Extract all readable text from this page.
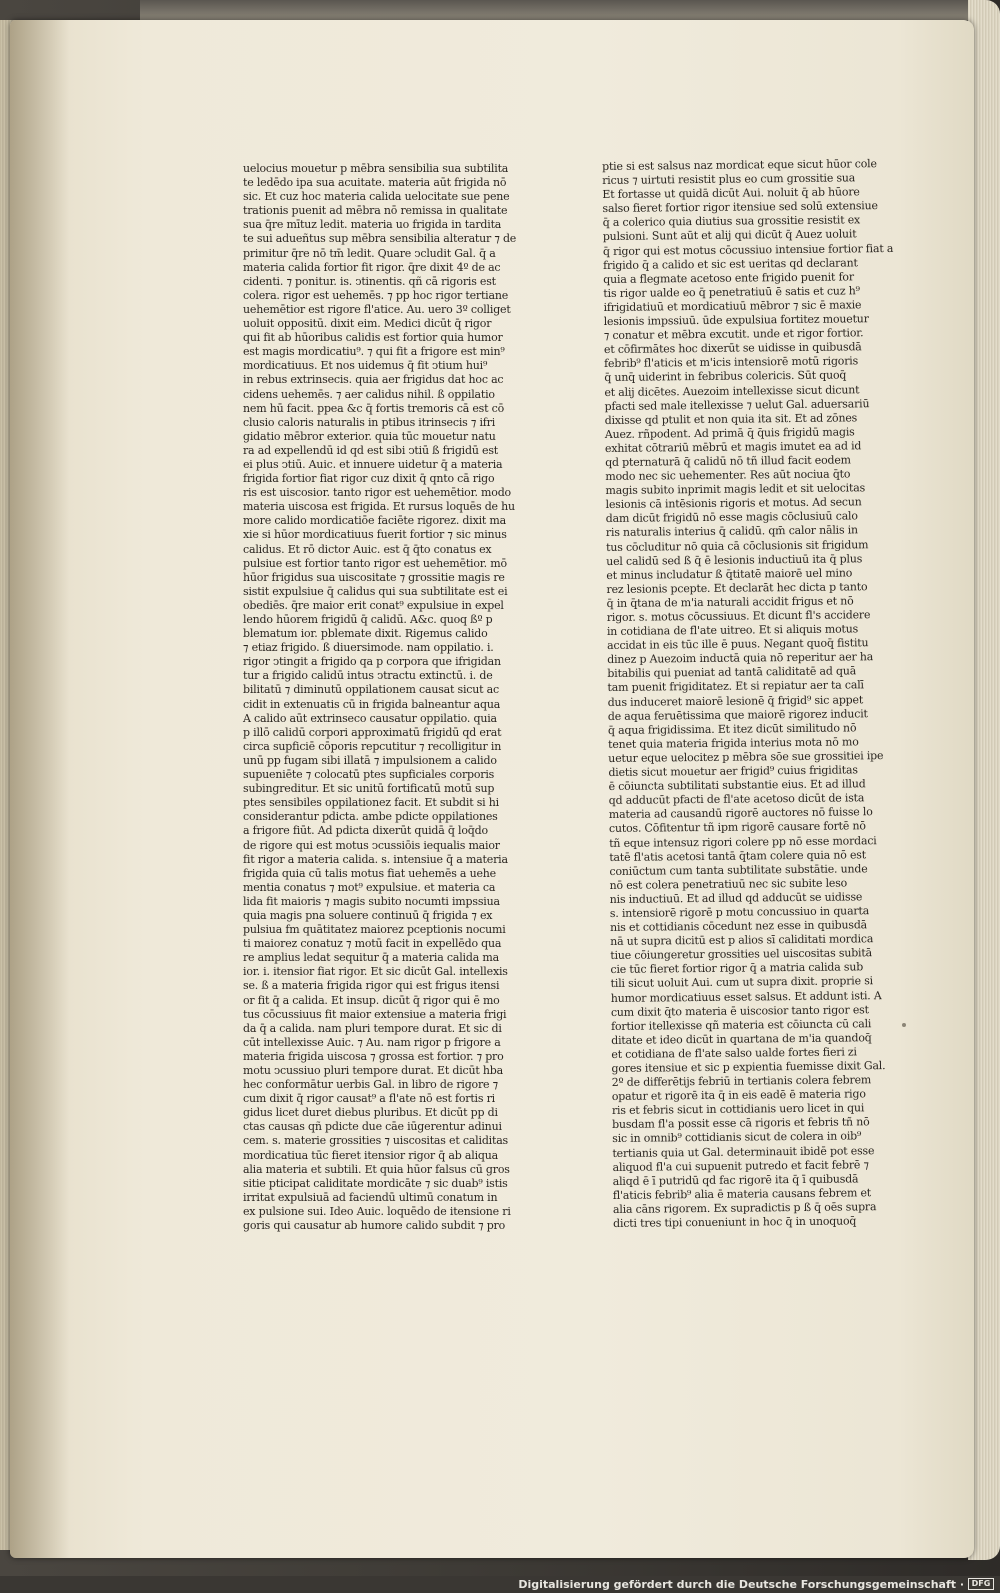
uelocius mouetur p mēbra sensibilia sua subtilita
te ledēdo ipa sua acuitate. materia aūt frigida nō
sic. Et cuz hoc materia calida uelocitate sue pene
trationis puenit ad mēbra nō remissa in qualitate
sua q̄re mītuz ledit. materia uo frigida in tardita
te sui adueñtus sup mēbra sensibilia alteratur ⁊ de
primitur q̄re nō tm̄ ledit. Quare ↄcludit Gal. q̄ a
materia calida fortior fit rigor. q̄re dixit 4º de ac
cidenti. ⁊ ponitur. is. ↄtinentis. qñ cā rigoris est
colera. rigor est uehemēs. ⁊ pp hoc rigor tertiane
uehemētior est rigore fl'atice. Au. uero 3º colliget
uoluit oppositū. dixit eim. Medici dicūt q̄ rigor
qui fit ab hūoribus calidis est fortior quia humor
est magis mordicatiu⁹. ⁊ qui fit a frigore est min⁹
mordicatiuus. Et nos uidemus q̄ fit ↄtium hui⁹
in rebus extrinsecis. quia aer frigidus dat hoc ac
cidens uehemēs. ⁊ aer calidus nihil. ß oppilatio
nem hū facit. ppea &c q̄ fortis tremoris cā est cō
clusio caloris naturalis in ptibus itrinsecis ⁊ ifri
gidatio mēbror exterior. quia tūc mouetur natu
ra ad expellendū id qd est sibi ↄtiū ß frigidū est
ei plus ↄtiū. Auic. et innuere uidetur q̄ a materia
frigida fortior fiat rigor cuz dixit q̄ qnto cā rigo
ris est uiscosior. tanto rigor est uehemētior. modo
materia uiscosa est frigida. Et rursus loquēs de hu
more calido mordicatiōe faciēte rigorez. dixit ma
xie si hūor mordicatiuus fuerit fortior ⁊ sic minus
calidus. Et rō dictor Auic. est q̄ q̄to conatus ex
pulsiue est fortior tanto rigor est uehemētior. mō
hūor frigidus sua uiscositate ⁊ grossitie magis re
sistit expulsiue q̄ calidus qui sua subtilitate est ei
obediēs. q̄re maior erit conat⁹ expulsiue in expel
lendo hūorem frigidū q̄ calidū. A&c. quoq ßº p
blematum ior. pblemate dixit. Rigemus calido
⁊ etiaz frigido. ß diuersimode. nam oppilatio. i.
rigor ↄtingit a frigido qa p corpora que ifrigidan
tur a frigido calidū intus ↄtractu extinctū. i. de
bilitatū ⁊ diminutū oppilationem causat sicut ac
cidit in extenuatis cū in frigida balneantur aqua
A calido aūt extrinseco causatur oppilatio. quia
p illō calidū corpori approximatū frigidū qd erat
circa supficiē cōporis repcutitur ⁊ recolligitur in
unū pp fugam sibi illatā ⁊ impulsionem a calido
supueniēte ⁊ colocatū ptes supficiales corporis
subingreditur. Et sic unitū fortificatū motū sup
ptes sensibiles oppilationez facit. Et subdit si hi
considerantur pdicta. ambe pdicte oppilationes
a frigore fiūt. Ad pdicta dixerūt quidā q̄ loq̄do
de rigore qui est motus ↄcussiōis iequalis maior
fit rigor a materia calida. s. intensiue q̄ a materia
frigida quia cū talis motus fiat uehemēs a uehe
mentia conatus ⁊ mot⁹ expulsiue. et materia ca
lida fit maioris ⁊ magis subito nocumti impssiua
quia magis pna soluere continuū q̄ frigida ⁊ ex
pulsiua fm quātitatez maiorez pceptionis nocumi
ti maiorez conatuz ⁊ motū facit in expellēdo qua
re amplius ledat sequitur q̄ a materia calida ma
ior. i. itensior fiat rigor. Et sic dicūt Gal. intellexis
se. ß a materia frigida rigor qui est frigus itensi
or fit q̄ a calida. Et insup. dicūt q̄ rigor qui ē mo
tus cōcussiuus fit maior extensiue a materia frigi
da q̄ a calida. nam pluri tempore durat. Et sic di
cūt intellexisse Auic. ⁊ Au. nam rigor p frigore a
materia frigida uiscosa ⁊ grossa est fortior. ⁊ pro
motu ↄcussiuo pluri tempore durat. Et dicūt hba
hec conformātur uerbis Gal. in libro de rigore ⁊
cum dixit q̄ rigor causat⁹ a fl'ate nō est fortis ri
gidus licet duret diebus pluribus. Et dicūt pp di
ctas causas qñ pdicte due cāe iūgerentur adinui
cem. s. materie grossities ⁊ uiscositas et caliditas
mordicatiua tūc fieret itensior rigor q̄ ab aliqua
alia materia et subtili. Et quia hūor falsus cū gros
sitie pticipat caliditate mordicāte ⁊ sic duab⁹ istis
irritat expulsiuā ad faciendū ultimū conatum in
ex pulsione sui. Ideo Auic. loquēdo de itensione ri
goris qui causatur ab humore calido subdit ⁊ pro
ptie si est salsus naz mordicat eque sicut hūor cole
ricus ⁊ uirtuti resistit plus eo cum grossitie sua
Et fortasse ut quidā dicūt Aui. noluit q̄ ab hūore
salso fieret fortior rigor itensiue sed solū extensiue
q̄ a colerico quia diutius sua grossitie resistit ex
pulsioni. Sunt aūt et alij qui dicūt q̄ Auez uoluit
q̄ rigor qui est motus cōcussiuo intensiue fortior fiat a
frigido q̄ a calido et sic est ueritas qd declarant
quia a flegmate acetoso ente frigido puenit for
tis rigor ualde eo q̄ penetratiuū ē satis et cuz h⁹
ifrigidatiuū et mordicatiuū mēbror ⁊ sic ē maxie
lesionis impssiuū. ūde expulsiua fortitez mouetur
⁊ conatur et mēbra excutit. unde et rigor fortior.
et cōfirmātes hoc dixerūt se uidisse in quibusdā
febrib⁹ fl'aticis et m'icis intensiorē motū rigoris
q̄ unq̄ uiderint in febribus colericis. Sūt quoq̄
et alij dicētes. Auezoim intellexisse sicut dicunt
pfacti sed male itellexisse ⁊ uelut Gal. aduersariū
dixisse qd ptulit et non quia ita sit. Et ad zōnes
Auez. rñpodent. Ad primā q̄ q̄uis frigidū magis
exhitat cōtrariū mēbrū et magis imutet ea ad id
qd pternaturā q̄ calidū nō tñ illud facit eodem
modo nec sic uehementer. Res aūt nociua q̄to
magis subito inprimit magis ledit et sit uelocitas
lesionis cā intēsionis rigoris et motus. Ad secun
dam dicūt frigidū nō esse magis cōclusiuū calo
ris naturalis interius q̄ calidū. qm̄ calor nālis in
tus cōcluditur nō quia cā cōclusionis sit frigidum
uel calidū sed ß q̄ ē lesionis inductiuū ita q̄ plus
et minus includatur ß q̄titatē maiorē uel mino
rez lesionis pcepte. Et declarāt hec dicta p tanto
q̄ in q̄tana de m'ia naturali accidit frigus et nō
rigor. s. motus cōcussiuus. Et dicunt fl's accidere
in cotidiana de fl'ate uitreo. Et si aliquis motus
accidat in eis tūc ille ē puus. Negant quoq̄ fistitu
dinez p Auezoim inductā quia nō reperitur aer ha
bitabilis qui pueniat ad tantā caliditatē ad quā
tam puenit frigiditatez. Et si repiatur aer ta calī
dus induceret maiorē lesionē q̄ frigid⁹ sic appet
de aqua feruētissima que maiorē rigorez inducit
q̄ aqua frigidissima. Et itez dicūt similitudo nō
tenet quia materia frigida interius mota nō mo
uetur eque uelocitez p mēbra sōe sue grossitiei ipe
dietis sicut mouetur aer frigid⁹ cuius frigiditas
ē cōiuncta subtilitati substantie eius. Et ad illud
qd adducūt pfacti de fl'ate acetoso dicūt de ista
materia ad causandū rigorē auctores nō fuisse lo
cutos. Cōfitentur tñ ipm rigorē causare fortē nō
tñ eque intensuz rigori colere pp nō esse mordaci
tatē fl'atis acetosi tantā q̄tam colere quia nō est
coniūctum cum tanta subtilitate substātie. unde
nō est colera penetratiuū nec sic subite leso
nis inductiuū. Et ad illud qd adducūt se uidisse
s. intensiorē rigorē p motu concussiuo in quarta
nis et cottidianis cōcedunt nez esse in quibusdā
nā ut supra dicitū est p alios sī caliditati mordica
tiue cōiungeretur grossities uel uiscositas subitā
cie tūc fieret fortior rigor q̄ a matria calida sub
tili sicut uoluit Aui. cum ut supra dixit. proprie si
humor mordicatiuus esset salsus. Et addunt isti. A
cum dixit q̄to materia ē uiscosior tanto rigor est
fortior itellexisse qñ materia est cōiuncta cū cali
ditate et ideo dicūt in quartana de m'ia quandoq̄
et cotidiana de fl'ate salso ualde fortes fieri zi
gores itensiue et sic p expientia fuemisse dixit Gal.
2º de differētijs febriū in tertianis colera febrem
opatur et rigorē ita q̄ in eis eadē ē materia rigo
ris et febris sicut in cottidianis uero licet in qui
busdam fl'a possit esse cā rigoris et febris tñ nō
sic in omnib⁹ cottidianis sicut de colera in oib⁹
tertianis quia ut Gal. determinauit ibidē pot esse
aliquod fl'a cui supuenit putredo et facit febrē ⁊
aliqd ē ī putridū qd fac rigorē ita q̄ ī quibusdā
fl'aticis febrib⁹ alia ē materia causans febrem et
alia cāns rigorem. Ex supradictis p ß q̄ oēs supra
dicti tres tipi conueniunt in hoc q̄ in unoquoq̄
Digitalisierung gefördert durch die Deutsche Forschungsgemeinschaft · DFG
